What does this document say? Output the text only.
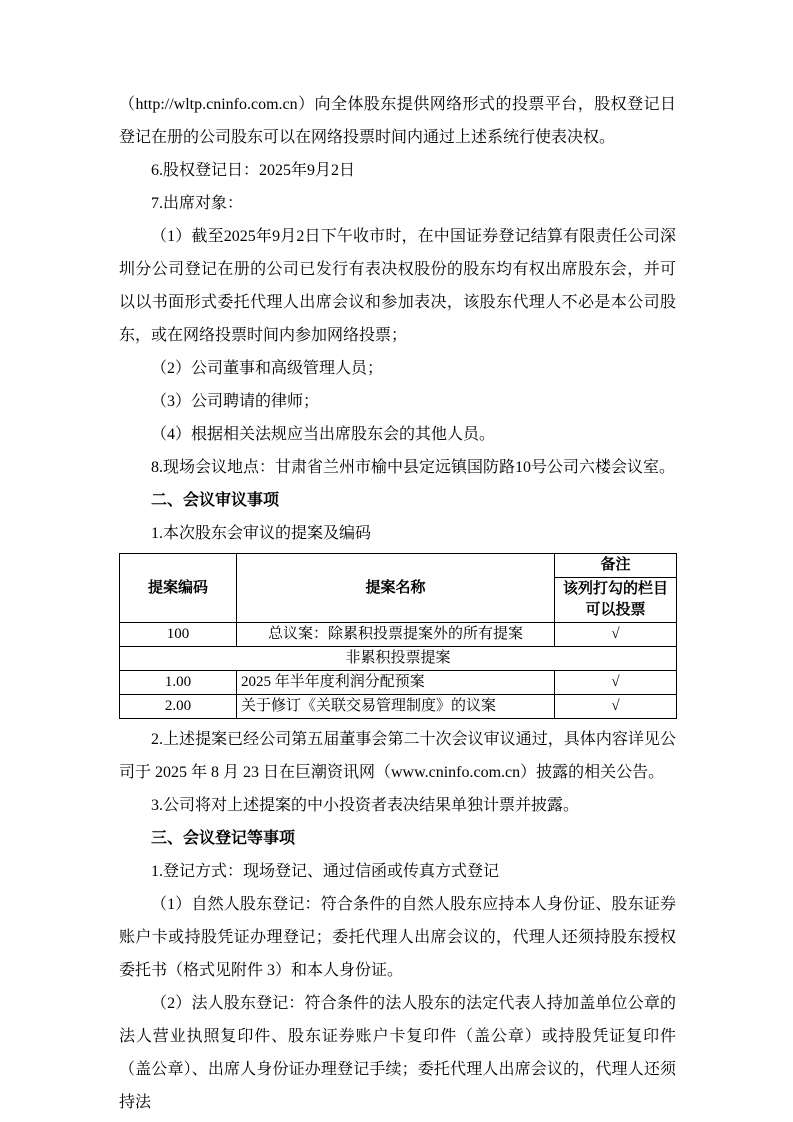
（http://wltp.cninfo.com.cn）向全体股东提供网络形式的投票平台，股权登记日登记在册的公司股东可以在网络投票时间内通过上述系统行使表决权。

6.股权登记日：2025年9月2日

7.出席对象：

（1）截至2025年9月2日下午收市时，在中国证券登记结算有限责任公司深圳分公司登记在册的公司已发行有表决权股份的股东均有权出席股东会，并可以以书面形式委托代理人出席会议和参加表决，该股东代理人不必是本公司股东，或在网络投票时间内参加网络投票；

（2）公司董事和高级管理人员；

（3）公司聘请的律师；

（4）根据相关法规应当出席股东会的其他人员。

8.现场会议地点：甘肃省兰州市榆中县定远镇国防路10号公司六楼会议室。

二、会议审议事项

1.本次股东会审议的提案及编码

提案编码	提案名称	备注

		该列打勾的栏目
可以投票

100	总议案：除累积投票提案外的所有提案	√
非累积投票提案		
1.00	2025 年半年度利润分配预案	√
2.00	关于修订《关联交易管理制度》的议案	√

2.上述提案已经公司第五届董事会第二十次会议审议通过，具体内容详见公司于 2025 年 8 月 23 日在巨潮资讯网（www.cninfo.com.cn）披露的相关公告。

3.公司将对上述提案的中小投资者表决结果单独计票并披露。

三、会议登记等事项

1.登记方式：现场登记、通过信函或传真方式登记

（1）自然人股东登记：符合条件的自然人股东应持本人身份证、股东证券账户卡或持股凭证办理登记；委托代理人出席会议的，代理人还须持股东授权委托书（格式见附件 3）和本人身份证。

（2）法人股东登记：符合条件的法人股东的法定代表人持加盖单位公章的法人营业执照复印件、股东证券账户卡复印件（盖公章）或持股凭证复印件（盖公章）、出席人身份证办理登记手续；委托代理人出席会议的，代理人还须持法
